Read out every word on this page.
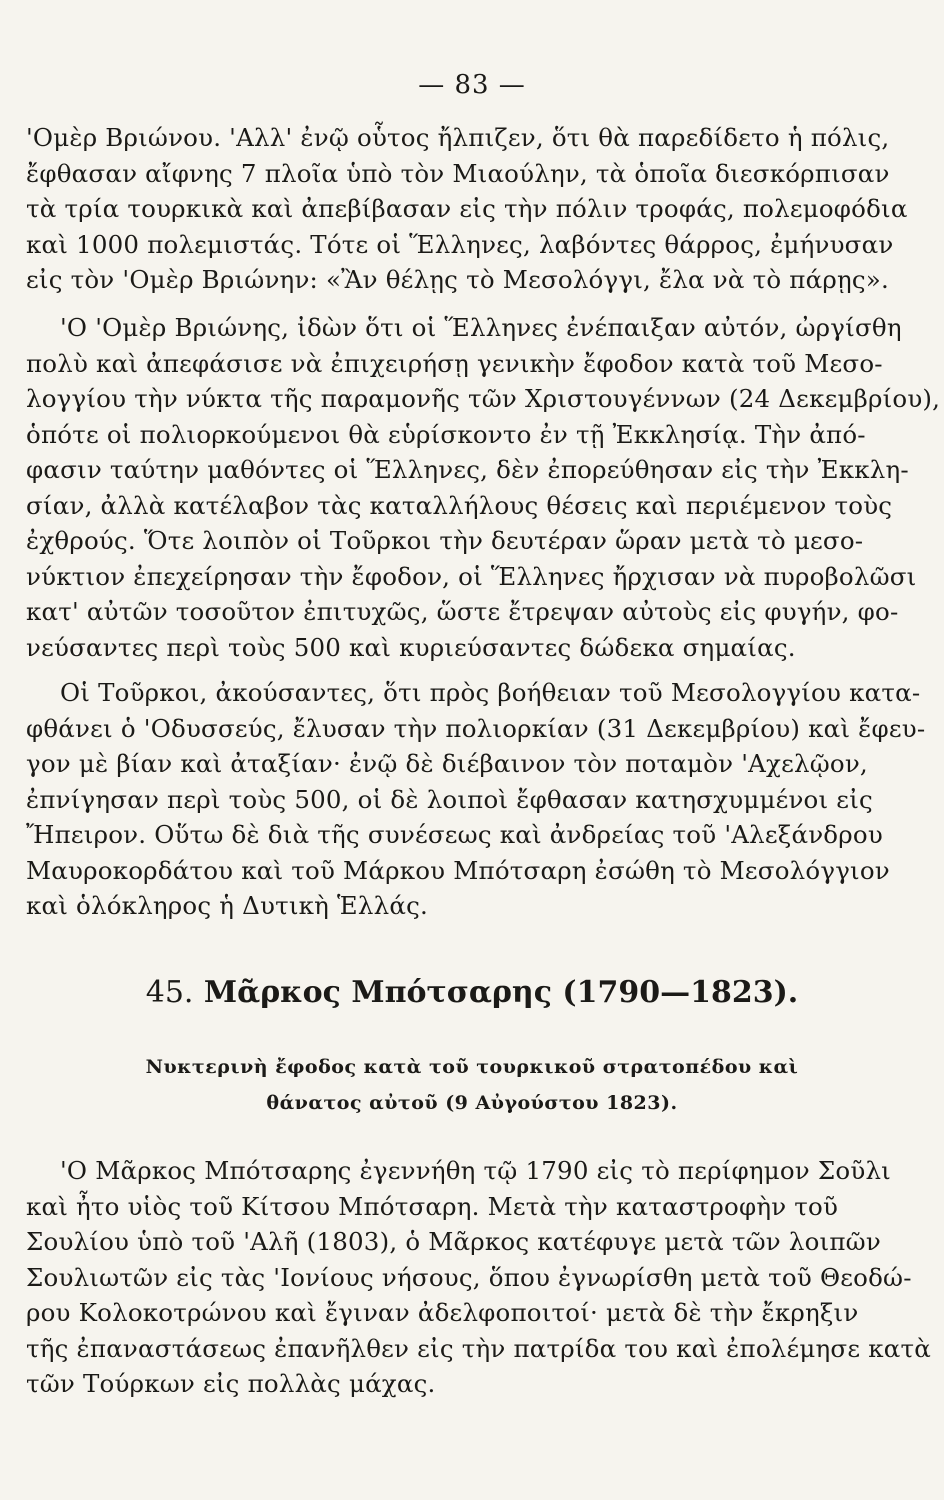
— 83 —
'Ομὲρ Βριώνου. 'Αλλ' ἐνῷ οὗτος ἤλπιζεν, ὅτι θὰ παρεδίδετο ἡ πόλις,
ἔφθασαν αἴφνης 7 πλοῖα ὑπὸ τὸν Μιαούλην, τὰ ὁποῖα διεσκόρπισαν
τὰ τρία τουρκικὰ καὶ ἀπεβίβασαν εἰς τὴν πόλιν τροφάς, πολεμοφόδια
καὶ 1000 πολεμιστάς. Τότε οἱ Ἕλληνες, λαβόντες θάρρος, ἐμήνυσαν
εἰς τὸν 'Ομὲρ Βριώνην: «Ἂν θέλῃς τὸ Μεσολόγγι, ἔλα νὰ τὸ πάρῃς».
'Ο 'Ομὲρ Βριώνης, ἰδὼν ὅτι οἱ Ἕλληνες ἐνέπαιξαν αὐτόν, ὠργίσθη
πολὺ καὶ ἀπεφάσισε νὰ ἐπιχειρήσῃ γενικὴν ἔφοδον κατὰ τοῦ Μεσο-
λογγίου τὴν νύκτα τῆς παραμονῆς τῶν Χριστουγέννων (24 Δεκεμβρίου),
ὁπότε οἱ πολιορκούμενοι θὰ εὑρίσκοντο ἐν τῇ Ἐκκλησίᾳ. Τὴν ἀπό-
φασιν ταύτην μαθόντες οἱ Ἕλληνες, δὲν ἐπορεύθησαν εἰς τὴν Ἐκκλη-
σίαν, ἀλλὰ κατέλαβον τὰς καταλλήλους θέσεις καὶ περιέμενον τοὺς
ἐχθρούς. Ὅτε λοιπὸν οἱ Τοῦρκοι τὴν δευτέραν ὥραν μετὰ τὸ μεσο-
νύκτιον ἐπεχείρησαν τὴν ἔφοδον, οἱ Ἕλληνες ἤρχισαν νὰ πυροβολῶσι
κατ' αὐτῶν τοσοῦτον ἐπιτυχῶς, ὥστε ἔτρεψαν αὐτοὺς εἰς φυγήν, φο-
νεύσαντες περὶ τοὺς 500 καὶ κυριεύσαντες δώδεκα σημαίας.
Οἱ Τοῦρκοι, ἀκούσαντες, ὅτι πρὸς βοήθειαν τοῦ Μεσολογγίου κατα-
φθάνει ὁ 'Οδυσσεύς, ἔλυσαν τὴν πολιορκίαν (31 Δεκεμβρίου) καὶ ἔφευ-
γον μὲ βίαν καὶ ἀταξίαν· ἐνῷ δὲ διέβαινον τὸν ποταμὸν 'Αχελῷον,
ἐπνίγησαν περὶ τοὺς 500, οἱ δὲ λοιποὶ ἔφθασαν κατησχυμμένοι εἰς
Ἤπειρον. Οὕτω δὲ διὰ τῆς συνέσεως καὶ ἀνδρείας τοῦ 'Αλεξάνδρου
Μαυροκορδάτου καὶ τοῦ Μάρκου Μπότσαρη ἐσώθη τὸ Μεσολόγγιον
καὶ ὁλόκληρος ἡ Δυτικὴ Ἑλλάς.
45. Μᾶρκος Μπότσαρης (1790—1823).
Νυκτερινὴ ἔφοδος κατὰ τοῦ τουρκικοῦ στρατοπέδου καὶ
θάνατος αὐτοῦ (9 Αὐγούστου 1823).
'Ο Μᾶρκος Μπότσαρης ἐγεννήθη τῷ 1790 εἰς τὸ περίφημον Σοῦλι
καὶ ἦτο υἱὸς τοῦ Κίτσου Μπότσαρη. Μετὰ τὴν καταστροφὴν τοῦ
Σουλίου ὑπὸ τοῦ 'Αλῆ (1803), ὁ Μᾶρκος κατέφυγε μετὰ τῶν λοιπῶν
Σουλιωτῶν εἰς τὰς 'Ιονίους νήσους, ὅπου ἐγνωρίσθη μετὰ τοῦ Θεοδώ-
ρου Κολοκοτρώνου καὶ ἔγιναν ἀδελφοποιτοί· μετὰ δὲ τὴν ἔκρηξιν
τῆς ἐπαναστάσεως ἐπανῆλθεν εἰς τὴν πατρίδα του καὶ ἐπολέμησε κατὰ
τῶν Τούρκων εἰς πολλὰς μάχας.
